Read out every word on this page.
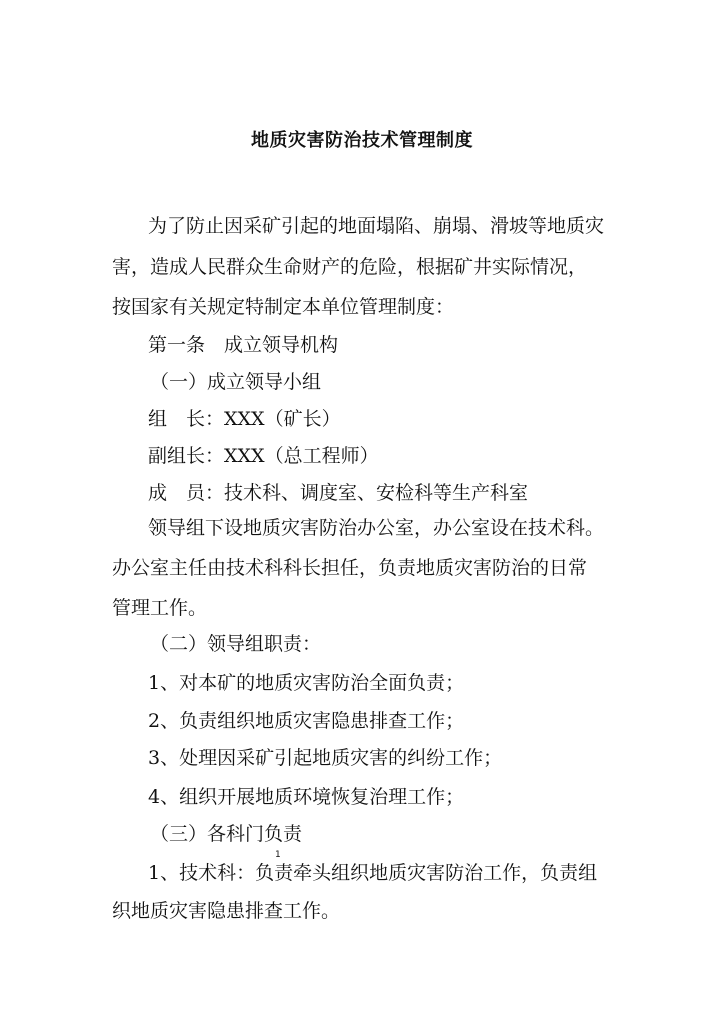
地质灾害防治技术管理制度
为了防止因采矿引起的地面塌陷、崩塌、滑坡等地质灾
害，造成人民群众生命财产的危险，根据矿井实际情况，
按国家有关规定特制定本单位管理制度：
第一条　成立领导机构
（一）成立领导小组
组　长：XXX（矿长）
副组长：XXX（总工程师）
成　员：技术科、调度室、安检科等生产科室
领导组下设地质灾害防治办公室，办公室设在技术科。
办公室主任由技术科科长担任，负责地质灾害防治的日常
管理工作。
（二）领导组职责：
1、对本矿的地质灾害防治全面负责；
2、负责组织地质灾害隐患排查工作；
3、处理因采矿引起地质灾害的纠纷工作；
4、组织开展地质环境恢复治理工作；
（三）各科门负责
1
1、技术科：负责牵头组织地质灾害防治工作，负责组
织地质灾害隐患排查工作。
